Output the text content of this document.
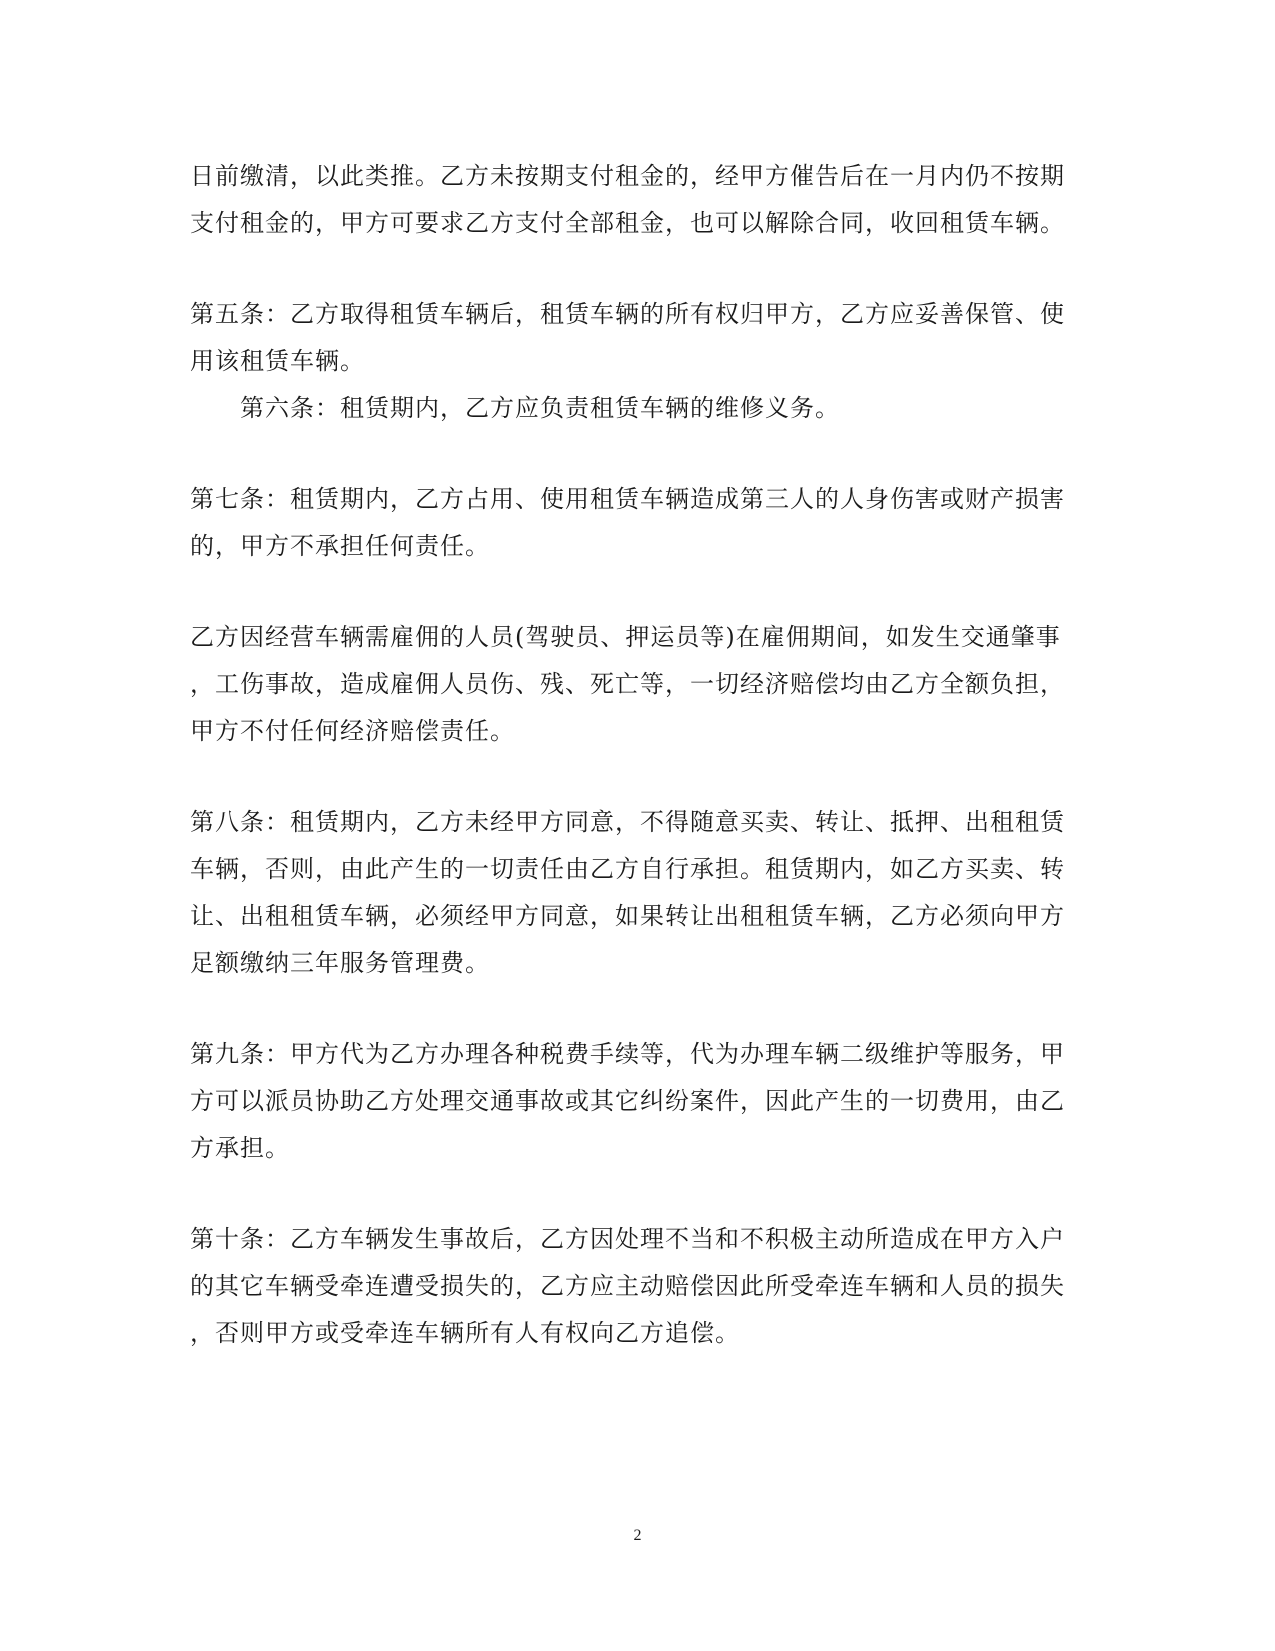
日前缴清，以此类推。乙方未按期支付租金的，经甲方催告后在一月内仍不按期
支付租金的，甲方可要求乙方支付全部租金，也可以解除合同，收回租赁车辆。
第五条：乙方取得租赁车辆后，租赁车辆的所有权归甲方，乙方应妥善保管、使
用该租赁车辆。
第六条：租赁期内，乙方应负责租赁车辆的维修义务。
第七条：租赁期内，乙方占用、使用租赁车辆造成第三人的人身伤害或财产损害
的，甲方不承担任何责任。
乙方因经营车辆需雇佣的人员(驾驶员、押运员等)在雇佣期间，如发生交通肇事
，工伤事故，造成雇佣人员伤、残、死亡等，一切经济赔偿均由乙方全额负担，
甲方不付任何经济赔偿责任。
第八条：租赁期内，乙方未经甲方同意，不得随意买卖、转让、抵押、出租租赁
车辆，否则，由此产生的一切责任由乙方自行承担。租赁期内，如乙方买卖、转
让、出租租赁车辆，必须经甲方同意，如果转让出租租赁车辆，乙方必须向甲方
足额缴纳三年服务管理费。
第九条：甲方代为乙方办理各种税费手续等，代为办理车辆二级维护等服务，甲
方可以派员协助乙方处理交通事故或其它纠纷案件，因此产生的一切费用，由乙
方承担。
第十条：乙方车辆发生事故后，乙方因处理不当和不积极主动所造成在甲方入户
的其它车辆受牵连遭受损失的，乙方应主动赔偿因此所受牵连车辆和人员的损失
，否则甲方或受牵连车辆所有人有权向乙方追偿。
2
